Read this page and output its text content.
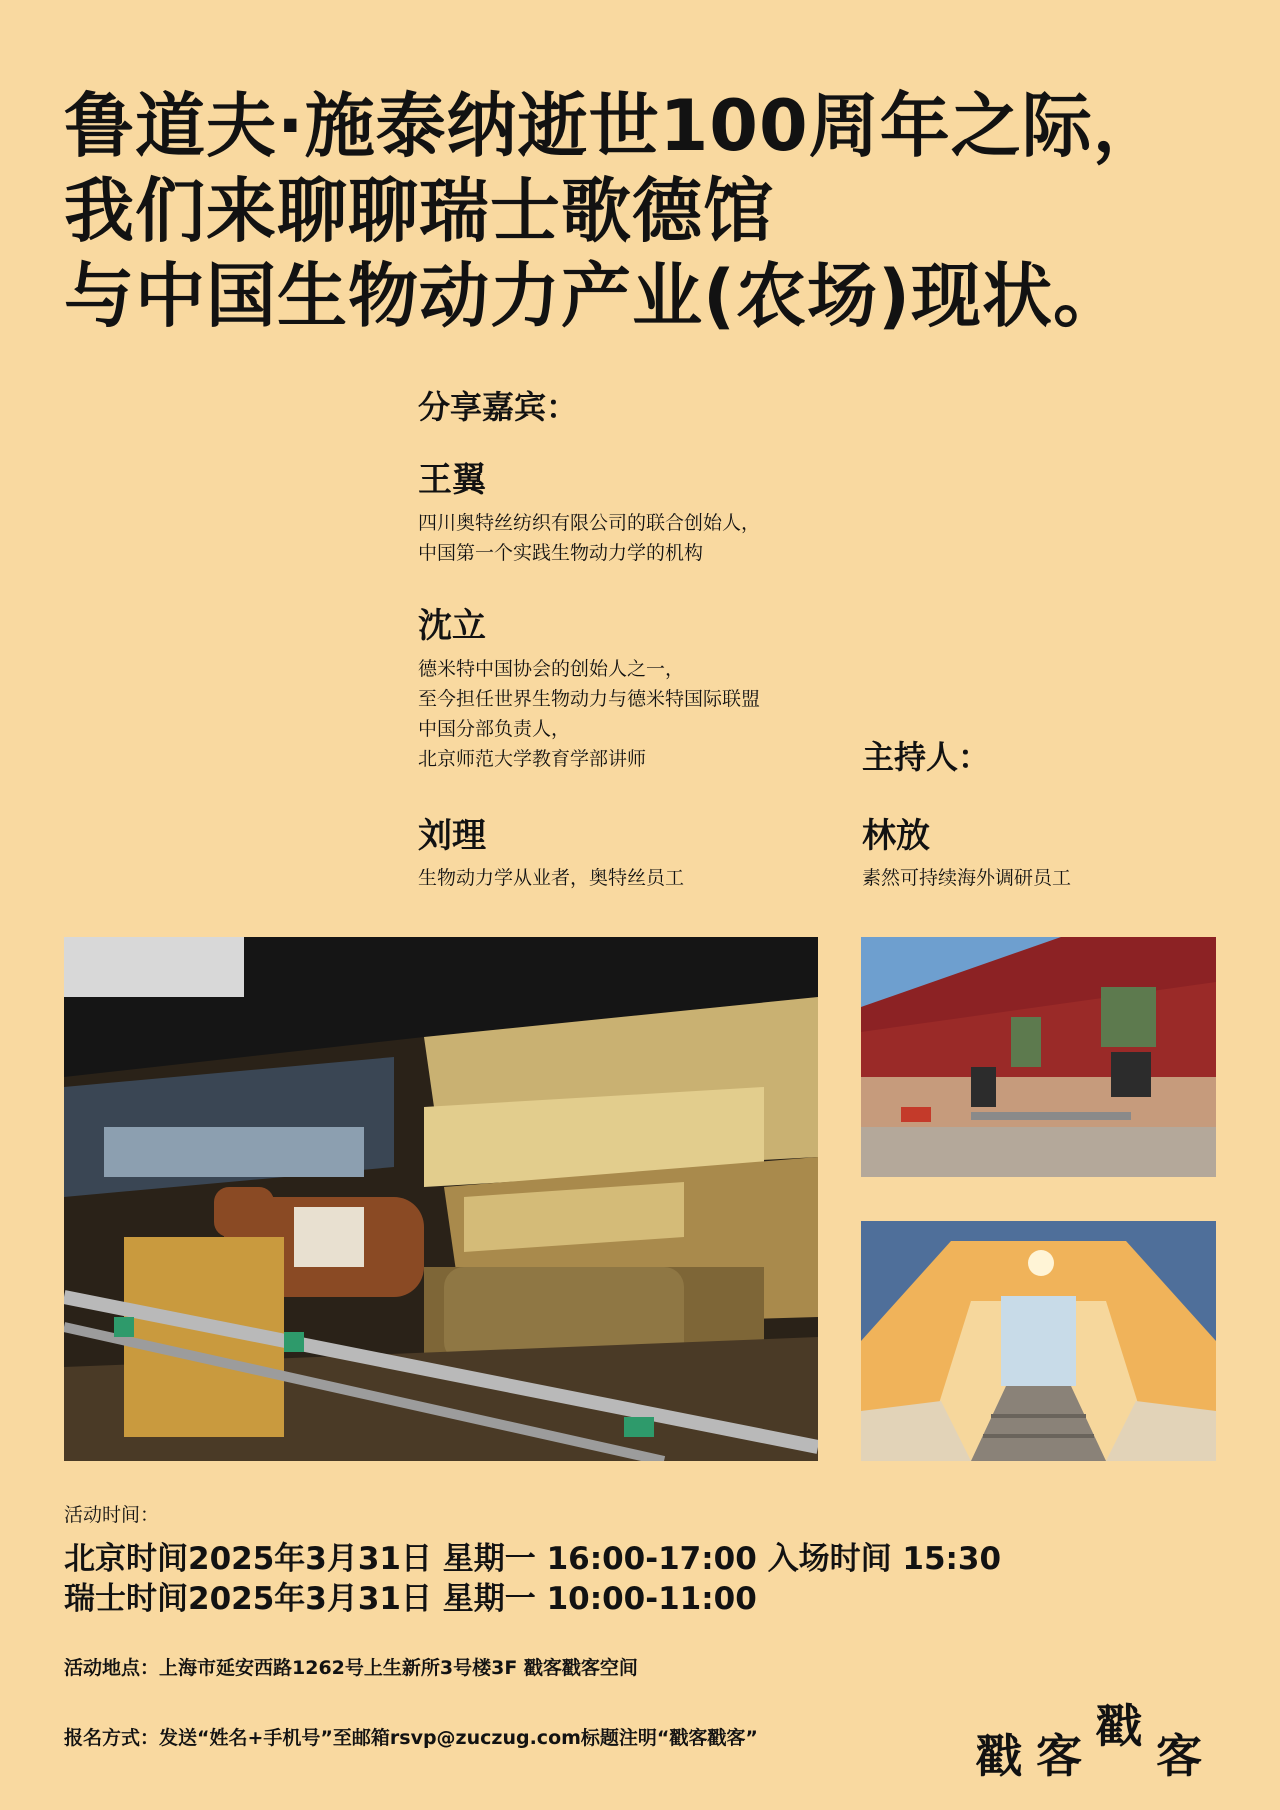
鲁道夫·施泰纳逝世100周年之际，
我们来聊聊瑞士歌德馆
与中国生物动力产业(农场)现状。
分享嘉宾：
王翼
四川奥特丝纺织有限公司的联合创始人，
中国第一个实践生物动力学的机构
沈立
德米特中国协会的创始人之一，
至今担任世界生物动力与德米特国际联盟
中国分部负责人，
北京师范大学教育学部讲师
刘理
生物动力学从业者，奥特丝员工
主持人：
林放
素然可持续海外调研员工
活动时间：
北京时间2025年3月31日 星期一 16:00-17:00 入场时间 15:30
瑞士时间2025年3月31日 星期一 10:00-11:00
活动地点：上海市延安西路1262号上生新所3号楼3F 戳客戳客空间
报名方式：发送“姓名+手机号”至邮箱rsvp@zuczug.com标题注明“戳客戳客”	戳 客
戳
客
